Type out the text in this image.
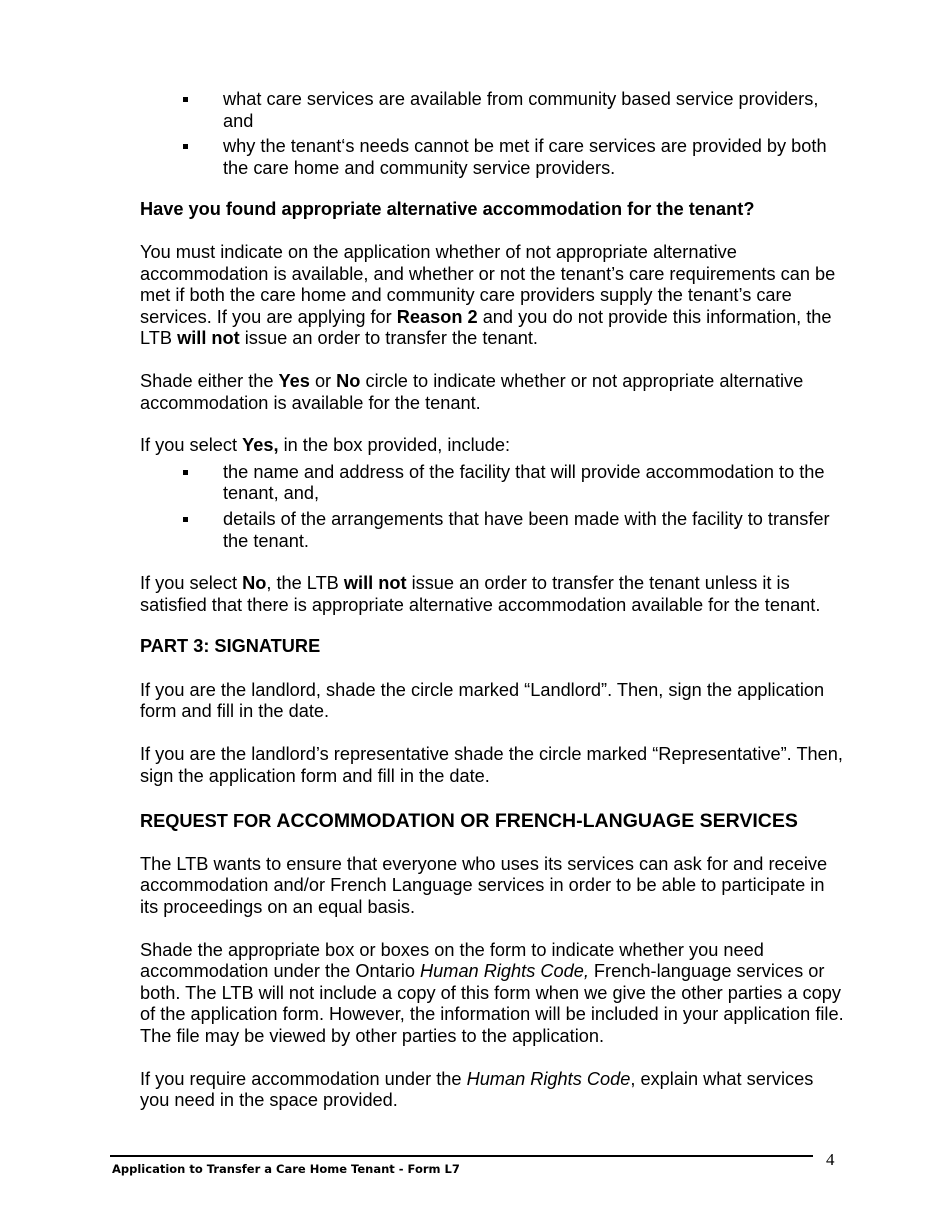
what care services are available from community based service providers, and
why the tenant‘s needs cannot be met if care services are provided by both the care home and community service providers.

Have you found appropriate alternative accommodation for the tenant?

You must indicate on the application whether of not appropriate alternative accommodation is available, and whether or not the tenant’s care requirements can be met if both the care home and community care providers supply the tenant’s care services. If you are applying for Reason 2 and you do not provide this information, the LTB will not issue an order to transfer the tenant.

Shade either the Yes or No circle to indicate whether or not appropriate alternative accommodation is available for the tenant.

If you select Yes, in the box provided, include:

the name and address of the facility that will provide accommodation to the tenant, and,
details of the arrangements that have been made with the facility to transfer the tenant.

If you select No, the LTB will not issue an order to transfer the tenant unless it is satisfied that there is appropriate alternative accommodation available for the tenant.

PART 3: SIGNATURE

If you are the landlord, shade the circle marked “Landlord”. Then, sign the application form and fill in the date.

If you are the landlord’s representative shade the circle marked “Representative”. Then, sign the application form and fill in the date.

REQUEST FOR ACCOMMODATION OR FRENCH-LANGUAGE SERVICES

The LTB wants to ensure that everyone who uses its services can ask for and receive accommodation and/or French Language services in order to be able to participate in its proceedings on an equal basis.

Shade the appropriate box or boxes on the form to indicate whether you need accommodation under the Ontario Human Rights Code, French-language services or both. The LTB will not include a copy of this form when we give the other parties a copy of the application form. However, the information will be included in your application file. The file may be viewed by other parties to the application.

If you require accommodation under the Human Rights Code, explain what services you need in the space provided.

Application to Transfer a Care Home Tenant - Form L7	4
